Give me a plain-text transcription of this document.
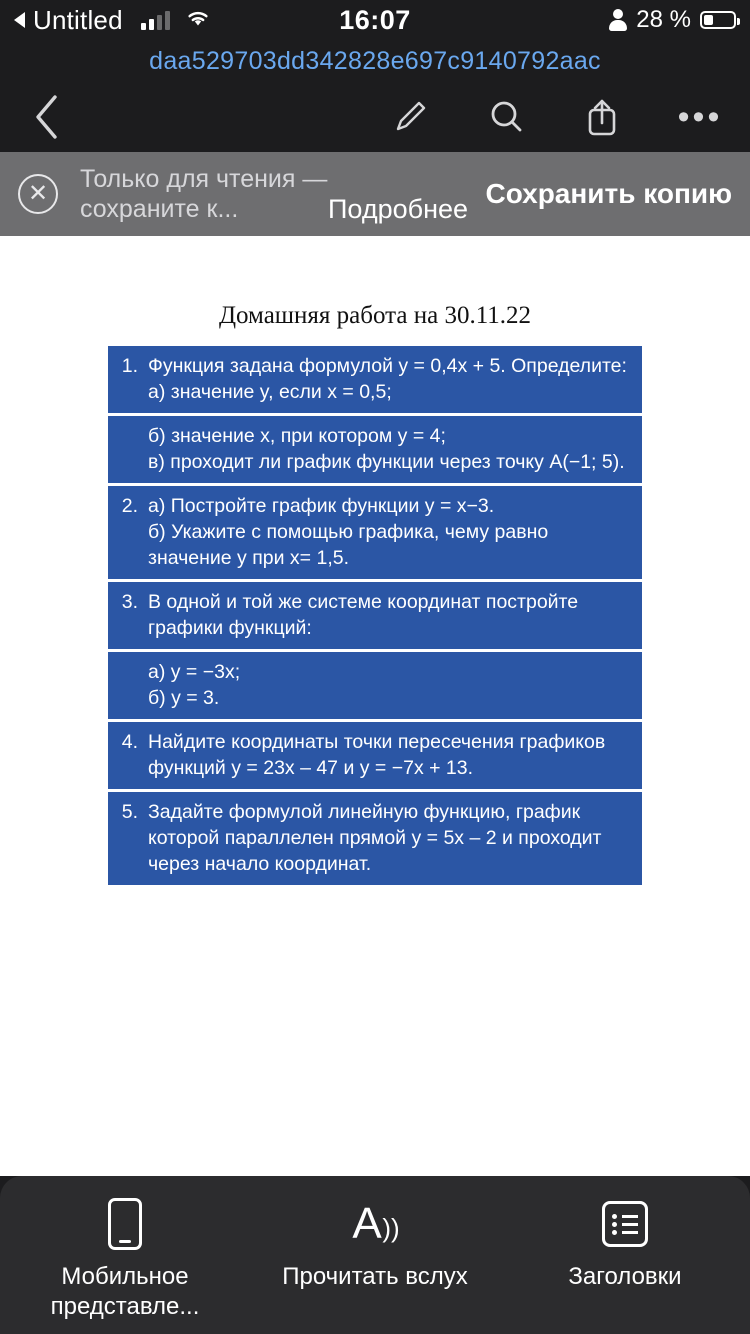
Untitled	16:07	28 %
daa529703dd342828e697c9140792aac
•••
✕
Только для чтения — сохраните к...	Подробнее Сохранить копию
Домашняя работа на 30.11.22

1. Функция задана формулой y = 0,4x + 5. Определите:

а) значение y, если x = 0,5;

б) значение x, при котором y = 4;

в) проходит ли график функции через точку A(−1; 5).

2. а) Постройте график функции y = x−3.

б) Укажите с помощью графика, чему равно значение y при x= 1,5.

3. В одной и той же системе координат постройте графики функций:

а) y = −3x;

б) y = 3.

4. Найдите координаты точки пересечения графиков функций y = 23x – 47 и y = −7x + 13.

5. Задайте формулой линейную функцию, график которой параллелен прямой y = 5x – 2 и проходит через начало координат.

Мобильное представле...
A ))
Прочитать вслух	Заголовки
